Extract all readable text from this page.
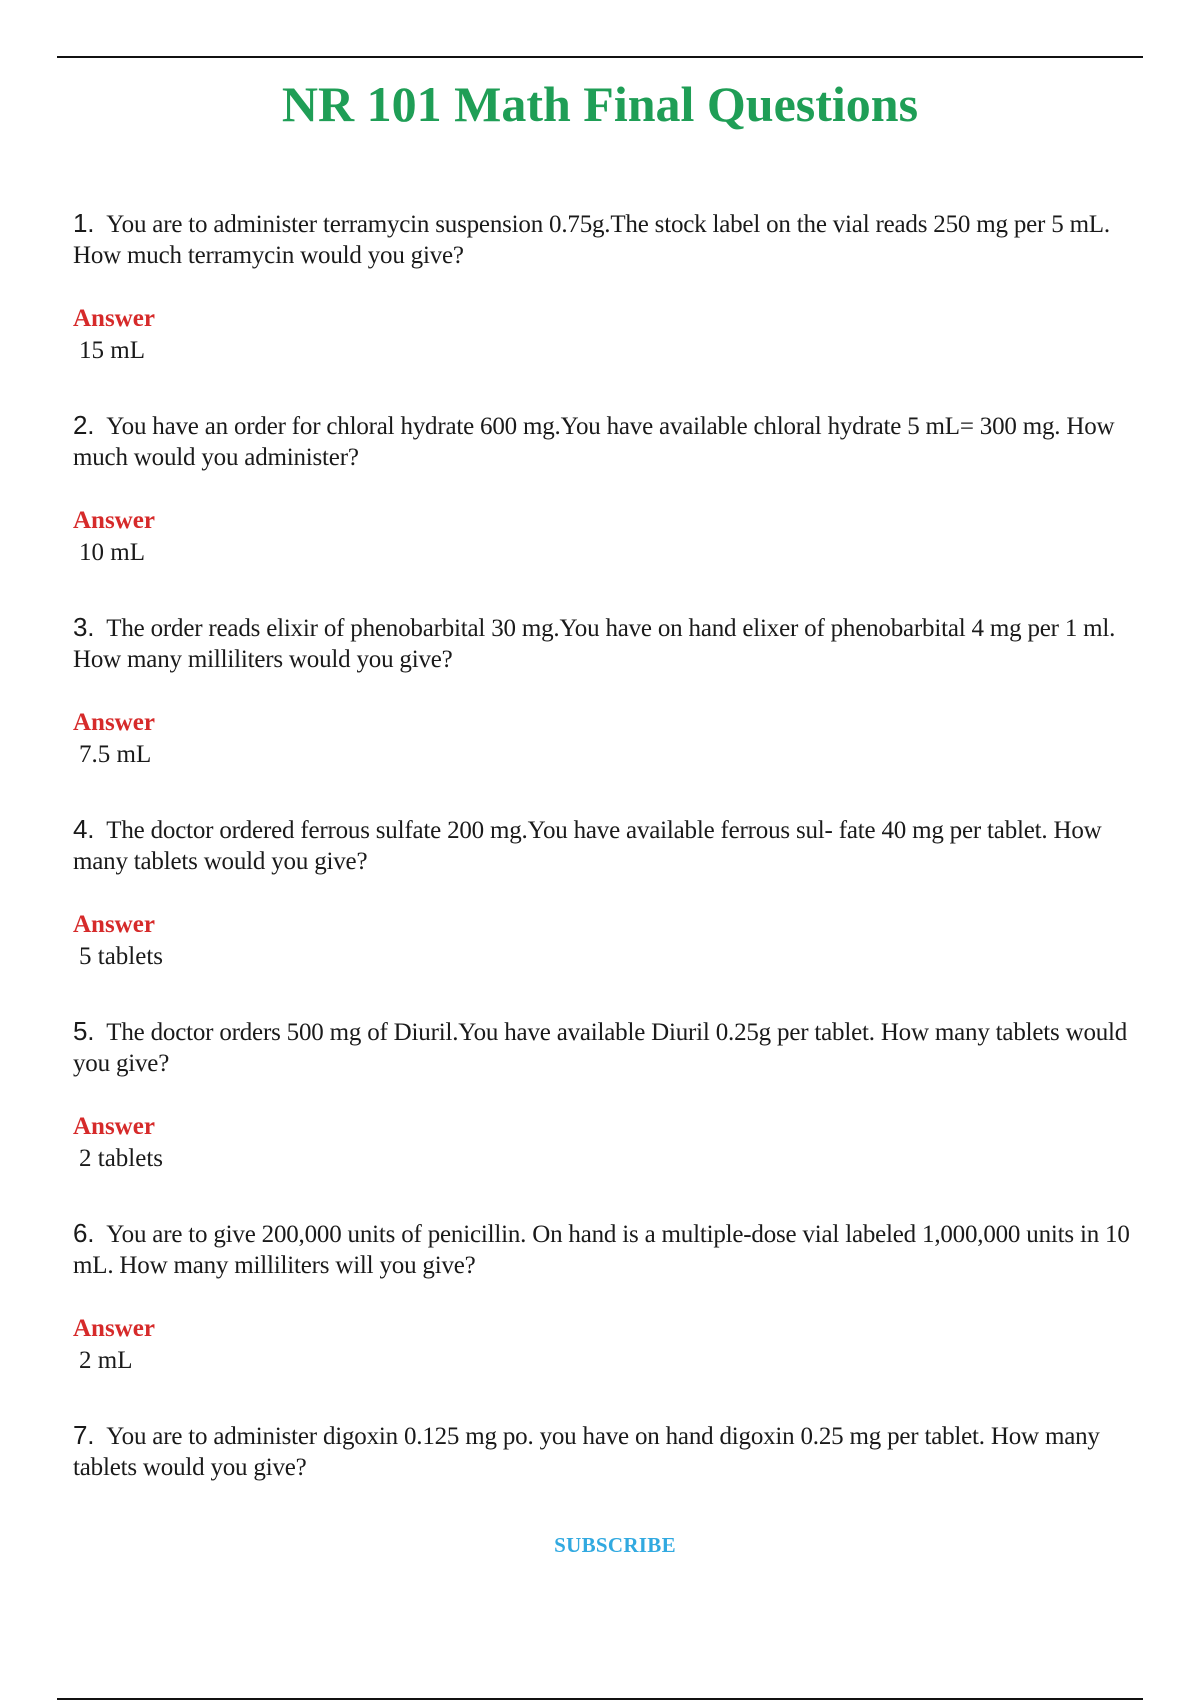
NR 101 Math Final Questions

1. You are to administer terramycin suspension 0.75g.The stock label on the vial reads 250 mg per 5 mL. How much terramycin would you give?

Answer
15 mL

2. You have an order for chloral hydrate 600 mg.You have available chloral hydrate 5 mL= 300 mg. How much would you administer?

Answer
10 mL

3. The order reads elixir of phenobarbital 30 mg.You have on hand elixer of phenobarbital 4 mg per 1 ml. How many milliliters would you give?

Answer
7.5 mL

4. The doctor ordered ferrous sulfate 200 mg.You have available ferrous sul- fate 40 mg per tablet. How many tablets would you give?

Answer
5 tablets

5. The doctor orders 500 mg of Diuril.You have available Diuril 0.25g per tablet. How many tablets would you give?

Answer
2 tablets

6. You are to give 200,000 units of penicillin. On hand is a multiple-dose vial labeled 1,000,000 units in 10 mL. How many milliliters will you give?

Answer
2 mL

7. You are to administer digoxin 0.125 mg po. you have on hand digoxin 0.25 mg per tablet. How many tablets would you give?

SUBSCRIBE
